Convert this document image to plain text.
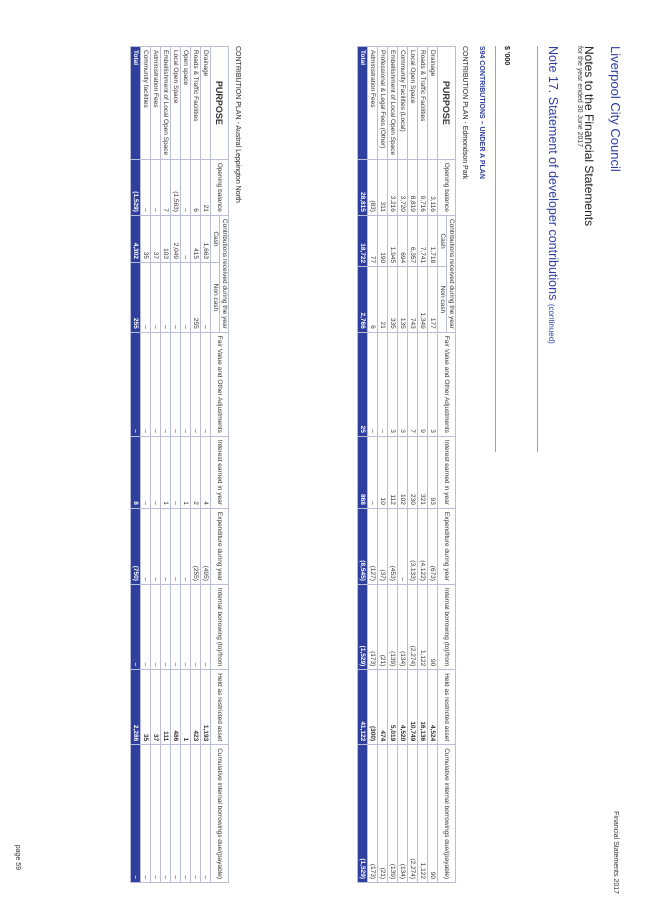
Liverpool City Council
Financial Statements 2017
Notes to the Financial Statements
for the year ended 30 June 2017
Note 17. Statement of developer contributions (continued)
$ '000
S94 CONTRIBUTIONS – UNDER A PLAN
CONTRIBUTION PLAN - Edmondson Park
PURPOSE	Opening balance	Contributions received during the year		Fair Value and Other Adjustments	Interest earned in year	Expenditure during year	Internal borrowing (to)/from	Held as restricted asset	Cumulative internal borrowings due/(payable)
		Cash	Non cash						
Drainage	3,116	1,718	177	3	93	(673)	90	4,524	90
Roads & Traffic Facilities	9,716	7,741	1,349	9	321	(4,122)	1,122	16,136	1,122
Local Open Space	8,819	6,357	743	7	230	(3,133)	(2,274)	10,749	(2,274)
Community Facilities (Local)	3,720	694	135	3	102	–	(134)	4,520	(134)
Embellishment of Local Open Space	3,216	1,945	335	3	112	(453)	(139)	5,019	(139)
Professional & Legal Fees (Other)	311	190	21	–	10	(37)	(21)	474	(21)
Administration Fees	(83)	77	6	–	–	(127)	(173)	(300)	(173)
Total	28,815	18,722	2,766	25	868	(8,545)	(1,529)	41,122	(1,529)
CONTRIBUTION PLAN - Austral Leppington North
PURPOSE	Opening balance	Contributions received during the year		Fair Value and Other Adjustments	Interest earned in year	Expenditure during year	Internal borrowing (to)/from	Held as restricted asset	Cumulative internal borrowings due/(payable)
		Cash	Non cash						
Drainage	21	1,663	–	–	4	(495)	–	1,193	–
Roads & Traffic Facilities	6	415	255	–	2	(255)	–	423	–
Open space	–	–	–	–	1	–	–	1	–
Local Open Space	(1,563)	2,049	–	–	–	–	–	486	–
Embellishment of Local Open Space	7	103	–	–	1	–	–	111	–
Administration Fees	–	37	–	–	–	–	–	37	–
Community facilities	–	35	–	–	–	–	–	35	–
Total	(1,529)	4,302	255	–	8	(750)	–	2,286	–
page 59
